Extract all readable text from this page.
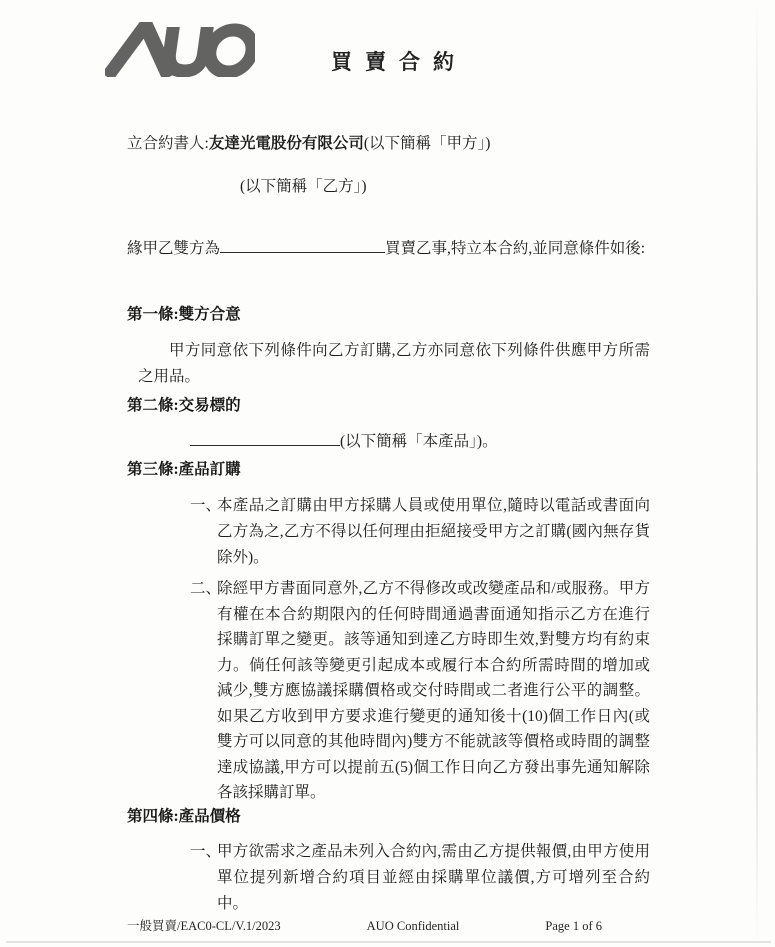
買賣合約
立合約書人:友達光電股份有限公司(以下簡稱「甲方」)
(以下簡稱「乙方」)
緣甲乙雙方為	買賣乙事,特立本合約,並同意條件如後:
第一條:雙方合意
甲方同意依下列條件向乙方訂購,乙方亦同意依下列條件供應甲方所需之用品。
第二條:交易標的
(以下簡稱「本產品」)。
第三條:產品訂購
一、
本產品之訂購由甲方採購人員或使用單位,隨時以電話或書面向乙方為之,乙方不得以任何理由拒絕接受甲方之訂購(國內無存貨除外)。
二、
除經甲方書面同意外,乙方不得修改或改變產品和/或服務。甲方有權在本合約期限內的任何時間通過書面通知指示乙方在進行採購訂單之變更。該等通知到達乙方時即生效,對雙方均有約束力。倘任何該等變更引起成本或履行本合約所需時間的增加或減少,雙方應協議採購價格或交付時間或二者進行公平的調整。如果乙方收到甲方要求進行變更的通知後十(10)個工作日內(或雙方可以同意的其他時間內)雙方不能就該等價格或時間的調整達成協議,甲方可以提前五(5)個工作日向乙方發出事先通知解除各該採購訂單。
第四條:產品價格
一、
甲方欲需求之產品未列入合約內,需由乙方提供報價,由甲方使用單位提列新增合約項目並經由採購單位議價,方可增列至合約中。
一般買賣/EAC0-CL/V.1/2023	AUO Confidential	Page 1 of 6
